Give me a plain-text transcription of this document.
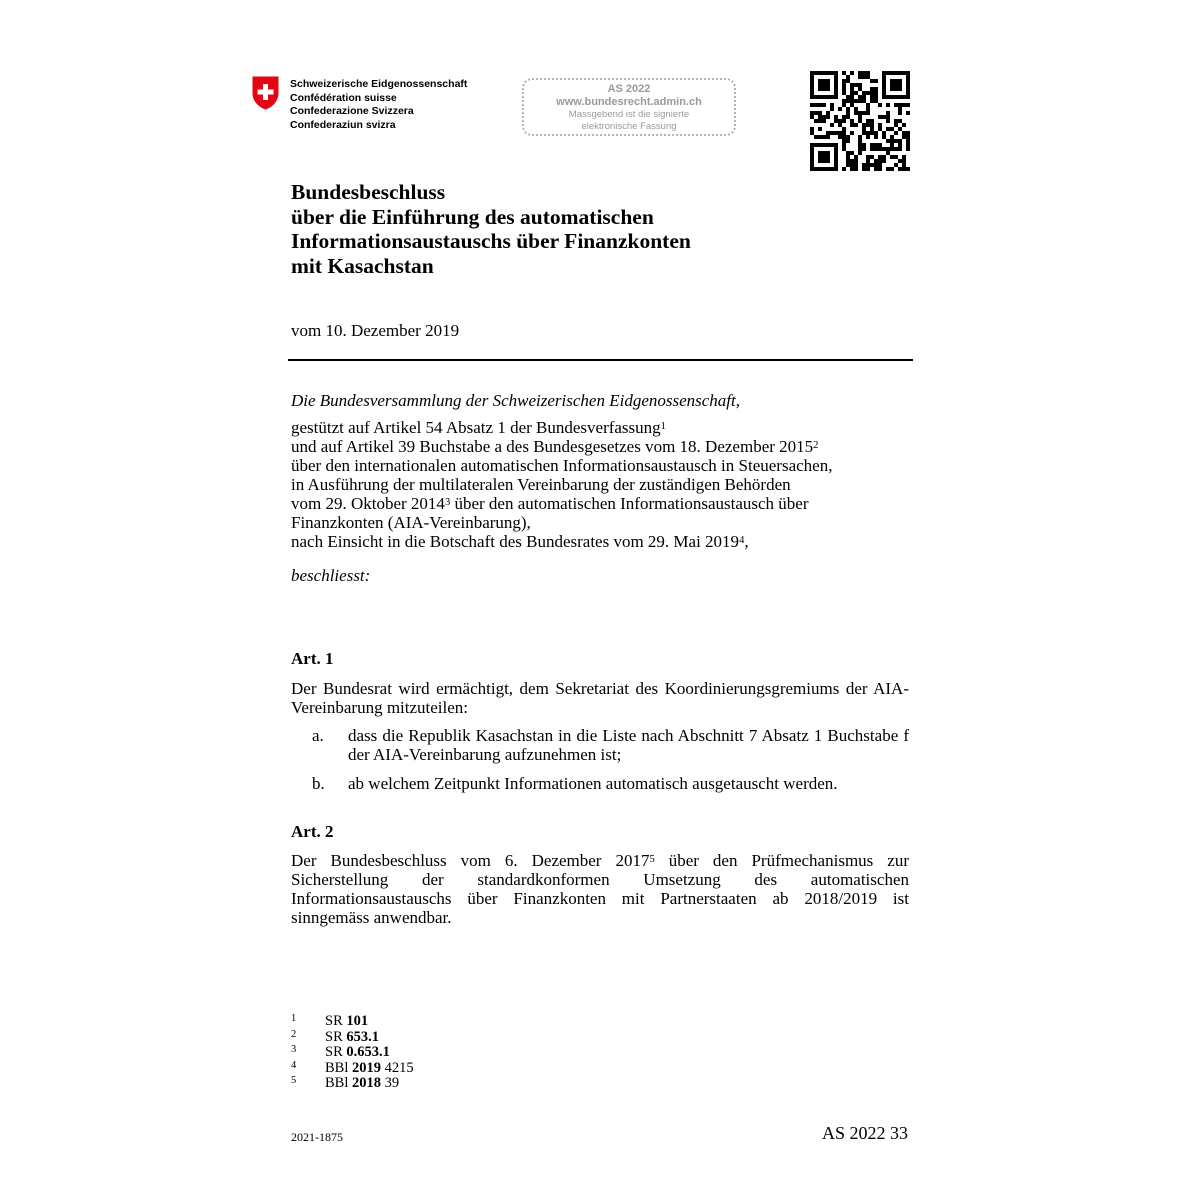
Schweizerische Eidgenossenschaft
Confédération suisse
Confederazione Svizzera
Confederaziun svizra
AS 2022
www.bundesrecht.admin.ch
Massgebend ist die signierte
elektronische Fassung
Bundesbeschluss
über die Einführung des automatischen
Informationsaustauschs über Finanzkonten
mit Kasachstan
vom 10. Dezember 2019
Die Bundesversammlung der Schweizerischen Eidgenossenschaft,
gestützt auf Artikel 54 Absatz 1 der Bundesverfassung$^1$
und auf Artikel 39 Buchstabe a des Bundesgesetzes vom 18. Dezember 2015$^2$
über den internationalen automatischen Informationsaustausch in Steuersachen,
in Ausführung der multilateralen Vereinbarung der zuständigen Behörden
vom 29. Oktober 2014$^3$ über den automatischen Informationsaustausch über
Finanzkonten (AIA-Vereinbarung),
nach Einsicht in die Botschaft des Bundesrates vom 29. Mai 2019$^4$,
beschliesst:
Art. 1
Der Bundesrat wird ermächtigt, dem Sekretariat des Koordinierungsgremiums der AIA-Vereinbarung mitzuteilen:
a. dass die Republik Kasachstan in die Liste nach Abschnitt 7 Absatz 1 Buchstabe f der AIA-Vereinbarung aufzunehmen ist;
b. ab welchem Zeitpunkt Informationen automatisch ausgetauscht werden.
Art. 2
Der Bundesbeschluss vom 6. Dezember 2017$^5$ über den Prüfmechanismus zur Sicherstellung der standardkonformen Umsetzung des automatischen Informationsaustauschs über Finanzkonten mit Partnerstaaten ab 2018/2019 ist sinngemäss anwendbar.
1 SR 101
2 SR 653.1
3 SR 0.653.1
4 BBl 2019 4215
5 BBl 2018 39
2021-1875	AS 2022 33
